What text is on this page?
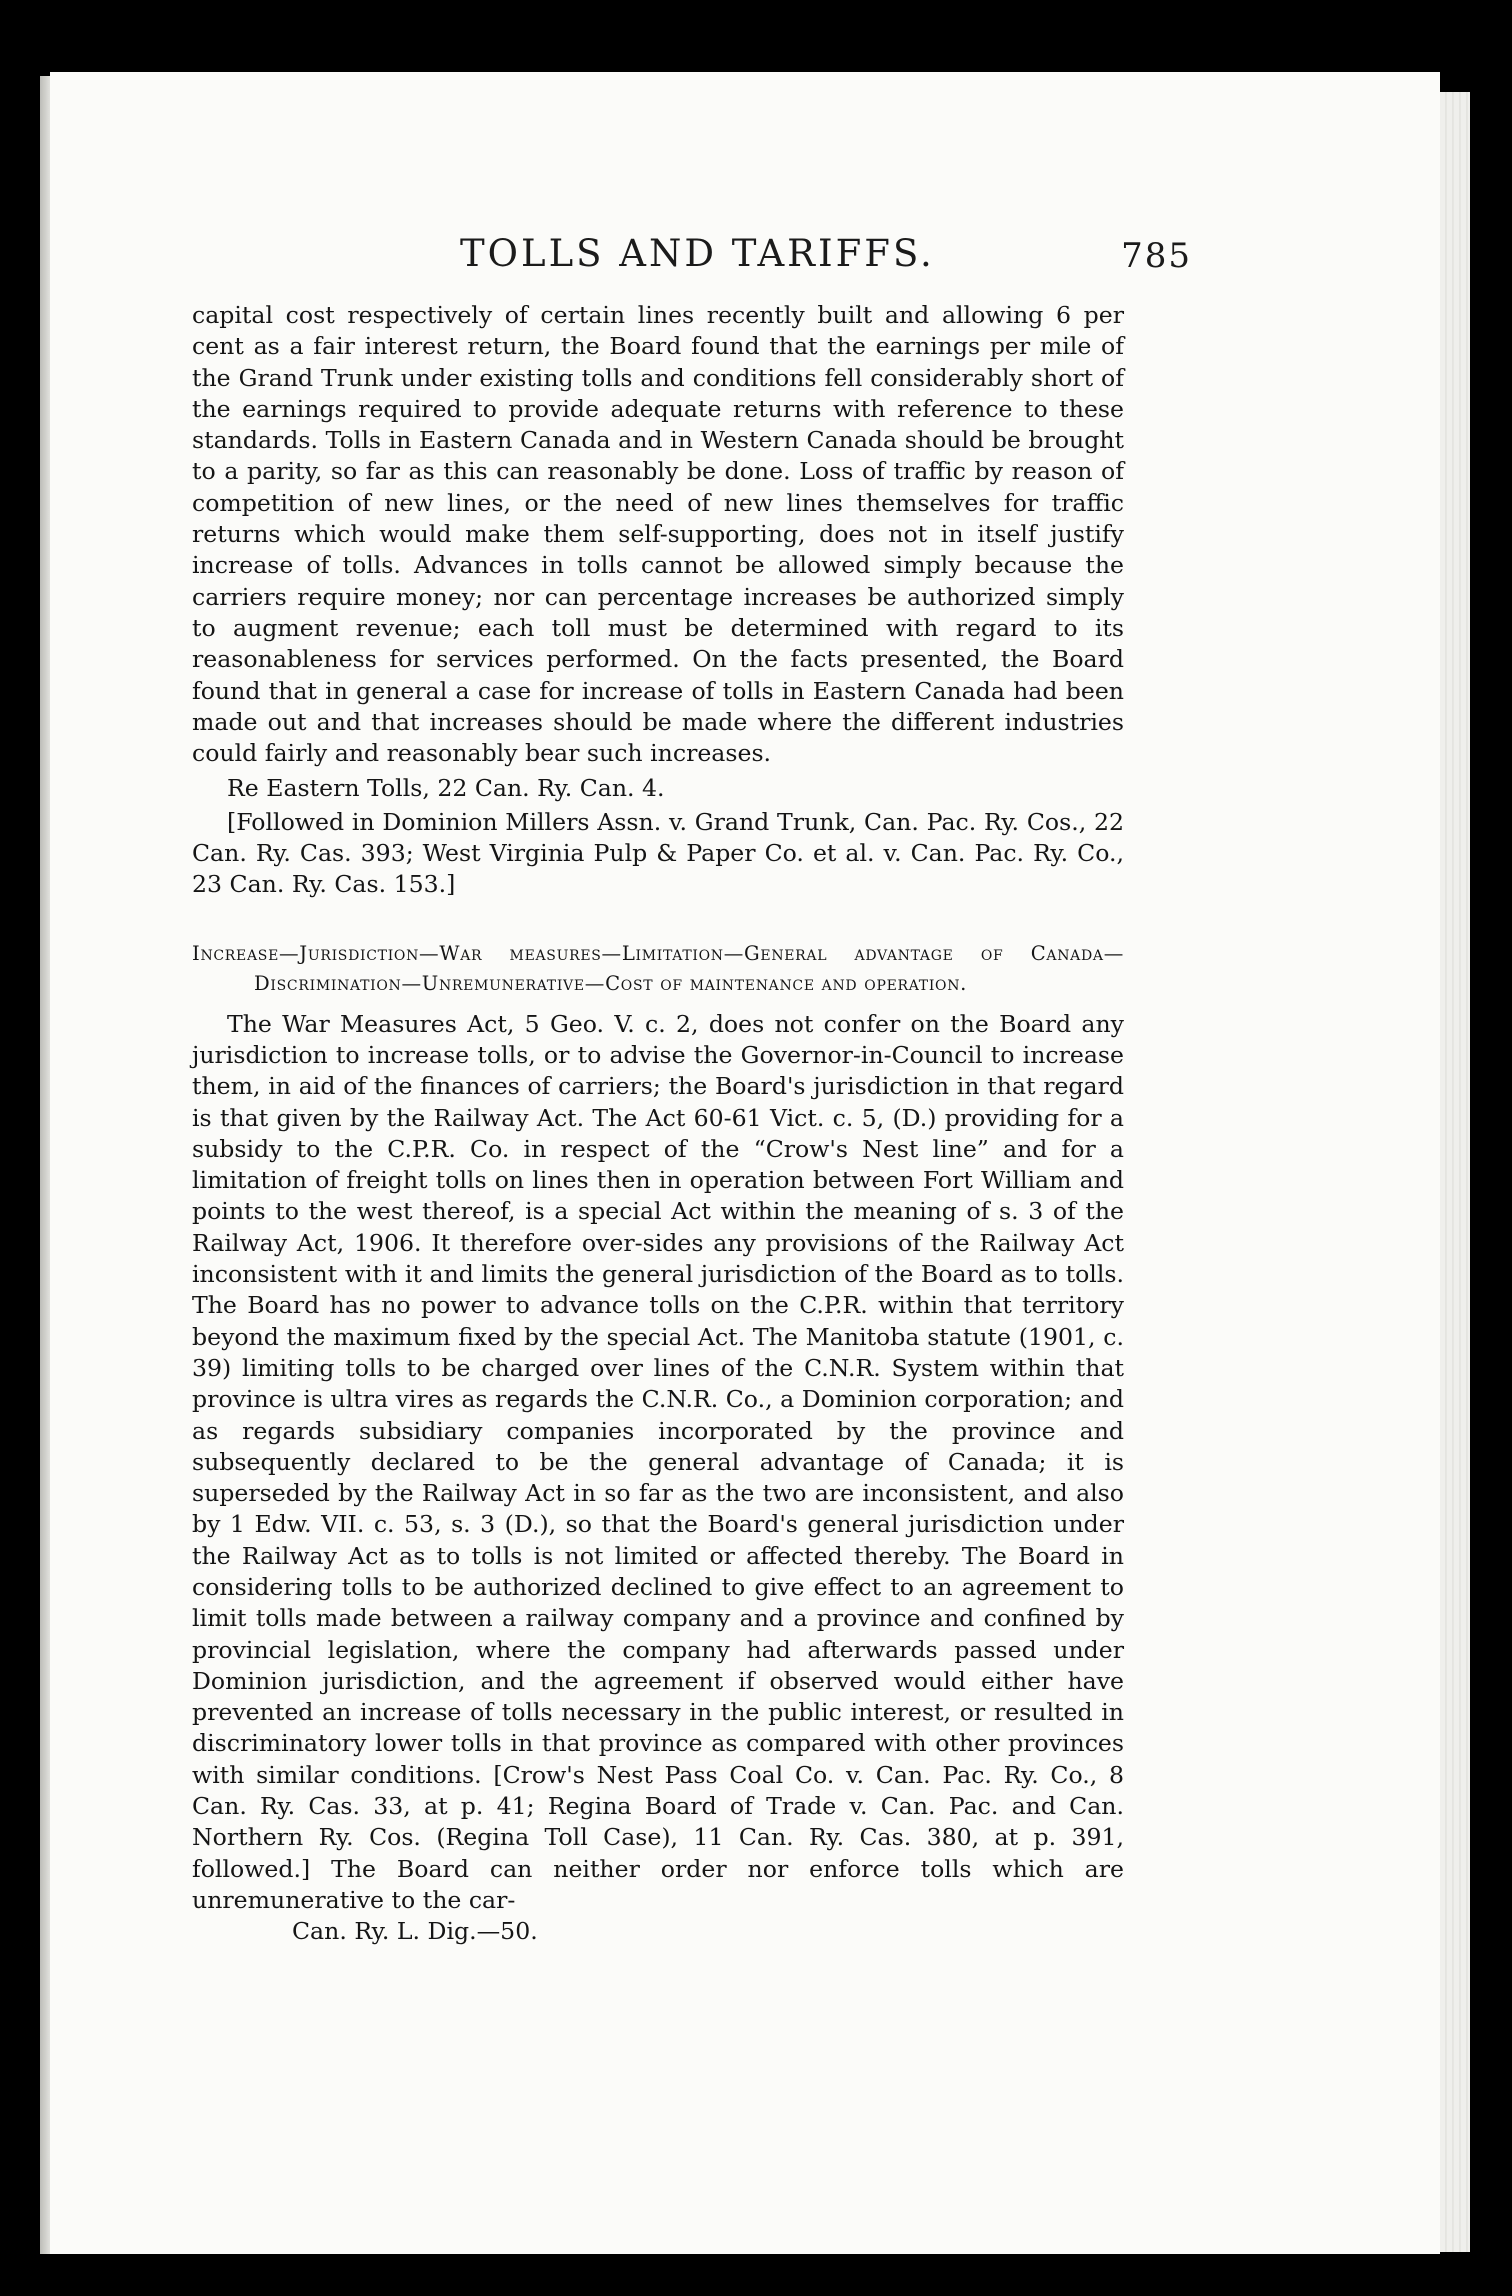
TOLLS AND TARIFFS.	785

capital cost respectively of certain lines recently built and allowing 6 per cent as a fair interest return, the Board found that the earnings per mile of the Grand Trunk under existing tolls and conditions fell considerably short of the earnings required to provide adequate returns with reference to these standards. Tolls in Eastern Canada and in Western Canada should be brought to a parity, so far as this can reasonably be done. Loss of traffic by reason of competition of new lines, or the need of new lines themselves for traffic returns which would make them self-supporting, does not in itself justify increase of tolls. Advances in tolls cannot be allowed simply because the carriers require money; nor can percentage increases be authorized simply to augment revenue; each toll must be determined with regard to its reasonableness for services performed. On the facts presented, the Board found that in general a case for increase of tolls in Eastern Canada had been made out and that increases should be made where the different industries could fairly and reasonably bear such increases.

Re Eastern Tolls, 22 Can. Ry. Can. 4.

[Followed in Dominion Millers Assn. v. Grand Trunk, Can. Pac. Ry. Cos., 22 Can. Ry. Cas. 393; West Virginia Pulp & Paper Co. et al. v. Can. Pac. Ry. Co., 23 Can. Ry. Cas. 153.]

Increase—Jurisdiction—War measures—Limitation—General advantage of Canada—Discrimination—Unremunerative—Cost of maintenance and operation.

The War Measures Act, 5 Geo. V. c. 2, does not confer on the Board any jurisdiction to increase tolls, or to advise the Governor-in-Council to increase them, in aid of the finances of carriers; the Board's jurisdiction in that regard is that given by the Railway Act. The Act 60-61 Vict. c. 5, (D.) providing for a subsidy to the C.P.R. Co. in respect of the “Crow's Nest line” and for a limitation of freight tolls on lines then in operation between Fort William and points to the west thereof, is a special Act within the meaning of s. 3 of the Railway Act, 1906. It therefore over-sides any provisions of the Railway Act inconsistent with it and limits the general jurisdiction of the Board as to tolls. The Board has no power to advance tolls on the C.P.R. within that territory beyond the maximum fixed by the special Act. The Manitoba statute (1901, c. 39) limiting tolls to be charged over lines of the C.N.R. System within that province is ultra vires as regards the C.N.R. Co., a Dominion corporation; and as regards subsidiary companies incorporated by the province and subsequently declared to be the general advantage of Canada; it is superseded by the Railway Act in so far as the two are inconsistent, and also by 1 Edw. VII. c. 53, s. 3 (D.), so that the Board's general jurisdiction under the Railway Act as to tolls is not limited or affected thereby. The Board in considering tolls to be authorized declined to give effect to an agreement to limit tolls made between a railway company and a province and confined by provincial legislation, where the company had afterwards passed under Dominion jurisdiction, and the agreement if observed would either have prevented an increase of tolls necessary in the public interest, or resulted in discriminatory lower tolls in that province as compared with other provinces with similar conditions. [Crow's Nest Pass Coal Co. v. Can. Pac. Ry. Co., 8 Can. Ry. Cas. 33, at p. 41; Regina Board of Trade v. Can. Pac. and Can. Northern Ry. Cos. (Regina Toll Case), 11 Can. Ry. Cas. 380, at p. 391, followed.] The Board can neither order nor enforce tolls which are unremunerative to the car-

Can. Ry. L. Dig.—50.
